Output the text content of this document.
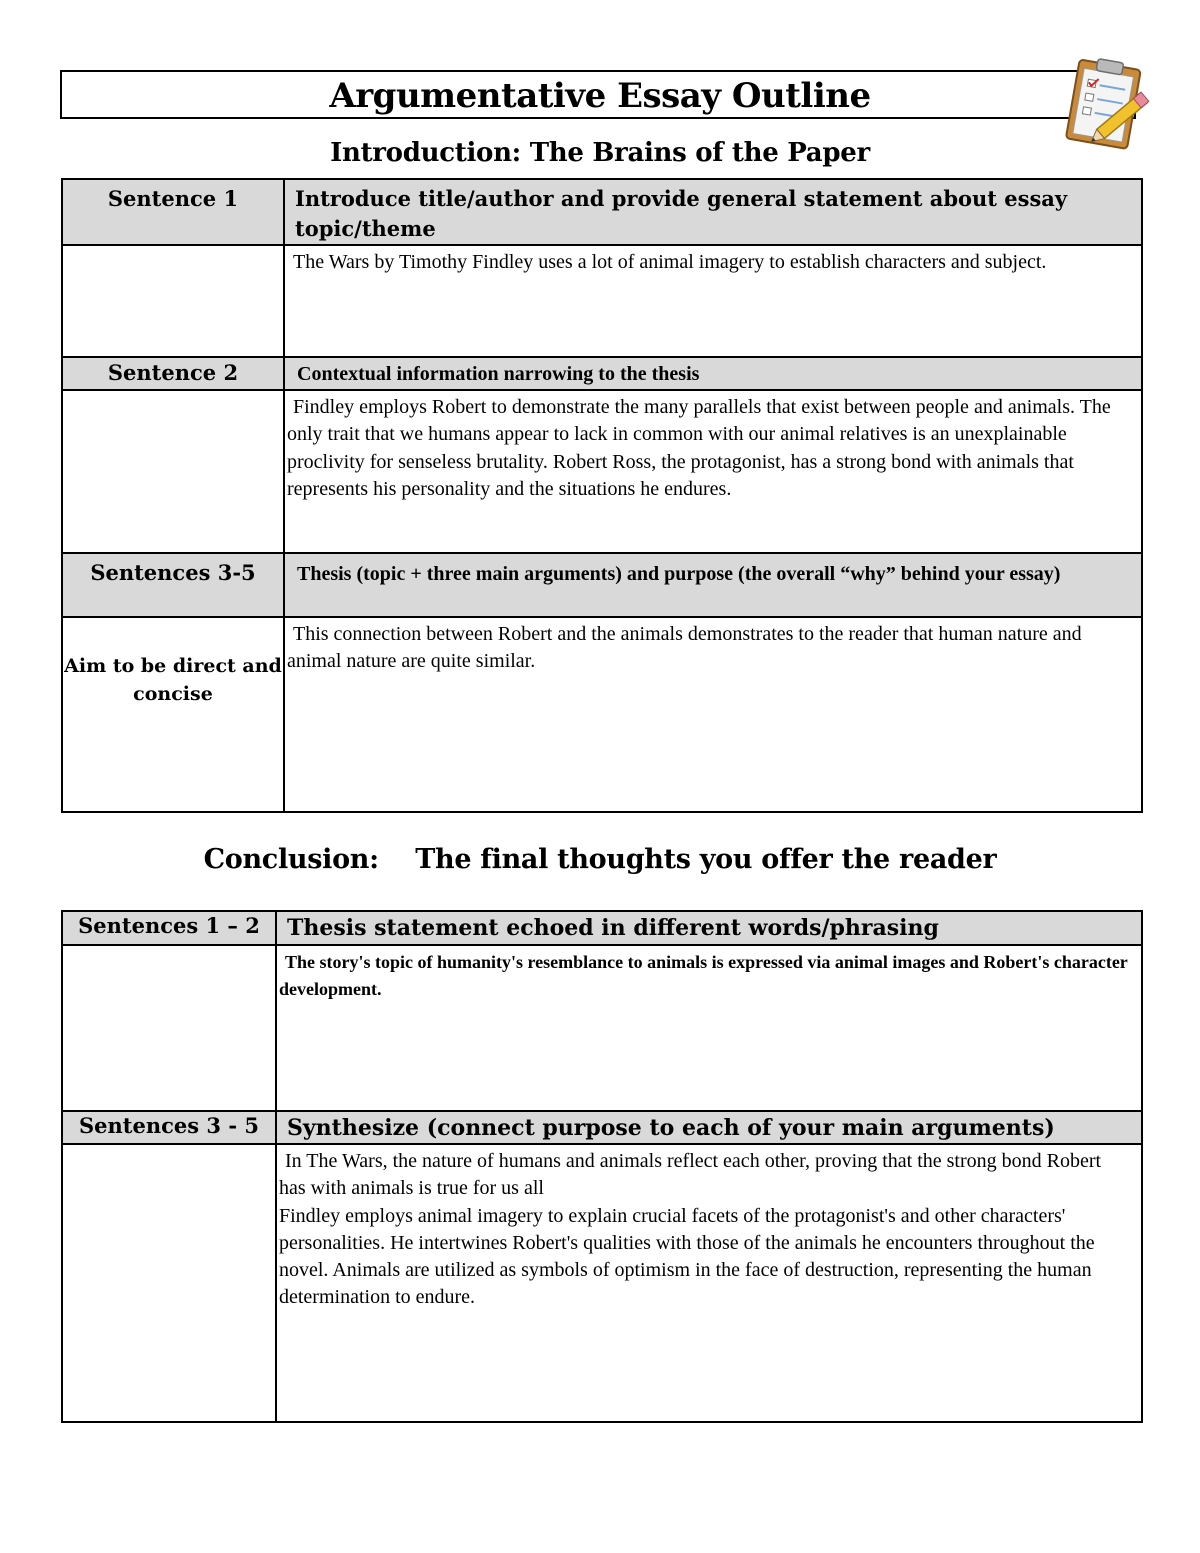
Argumentative Essay Outline
Introduction: The Brains of the Paper
Sentence 1	Introduce title/author and provide general statement about essay topic/theme

	The Wars by Timothy Findley uses a lot of animal imagery to establish characters and subject.

Sentence 2	Contextual information narrowing to the thesis

	Findley employs Robert to demonstrate the many parallels that exist between people and animals. The only trait that we humans appear to lack in common with our animal relatives is an unexplainable proclivity for senseless brutality. Robert Ross, the protagonist, has a strong bond with animals that represents his personality and the situations he endures.

Sentences 3-5	Thesis (topic + three main arguments) and purpose (the overall “why” behind your essay)
Aim to be direct and concise	This connection between Robert and the animals demonstrates to the reader that human nature and animal nature are quite similar.
Conclusion:    The final thoughts you offer the reader
Sentences 1 – 2	Thesis statement echoed in different words/phrasing

	The story's topic of humanity's resemblance to animals is expressed via animal images and Robert's character development.

Sentences 3 - 5	Synthesize (connect purpose to each of your main arguments)

	In The Wars, the nature of humans and animals reflect each other, proving that the strong bond Robert has with animals is true for us all
Findley employs animal imagery to explain crucial facets of the protagonist's and other characters' personalities. He intertwines Robert's qualities with those of the animals he encounters throughout the novel. Animals are utilized as symbols of optimism in the face of destruction, representing the human determination to endure.
